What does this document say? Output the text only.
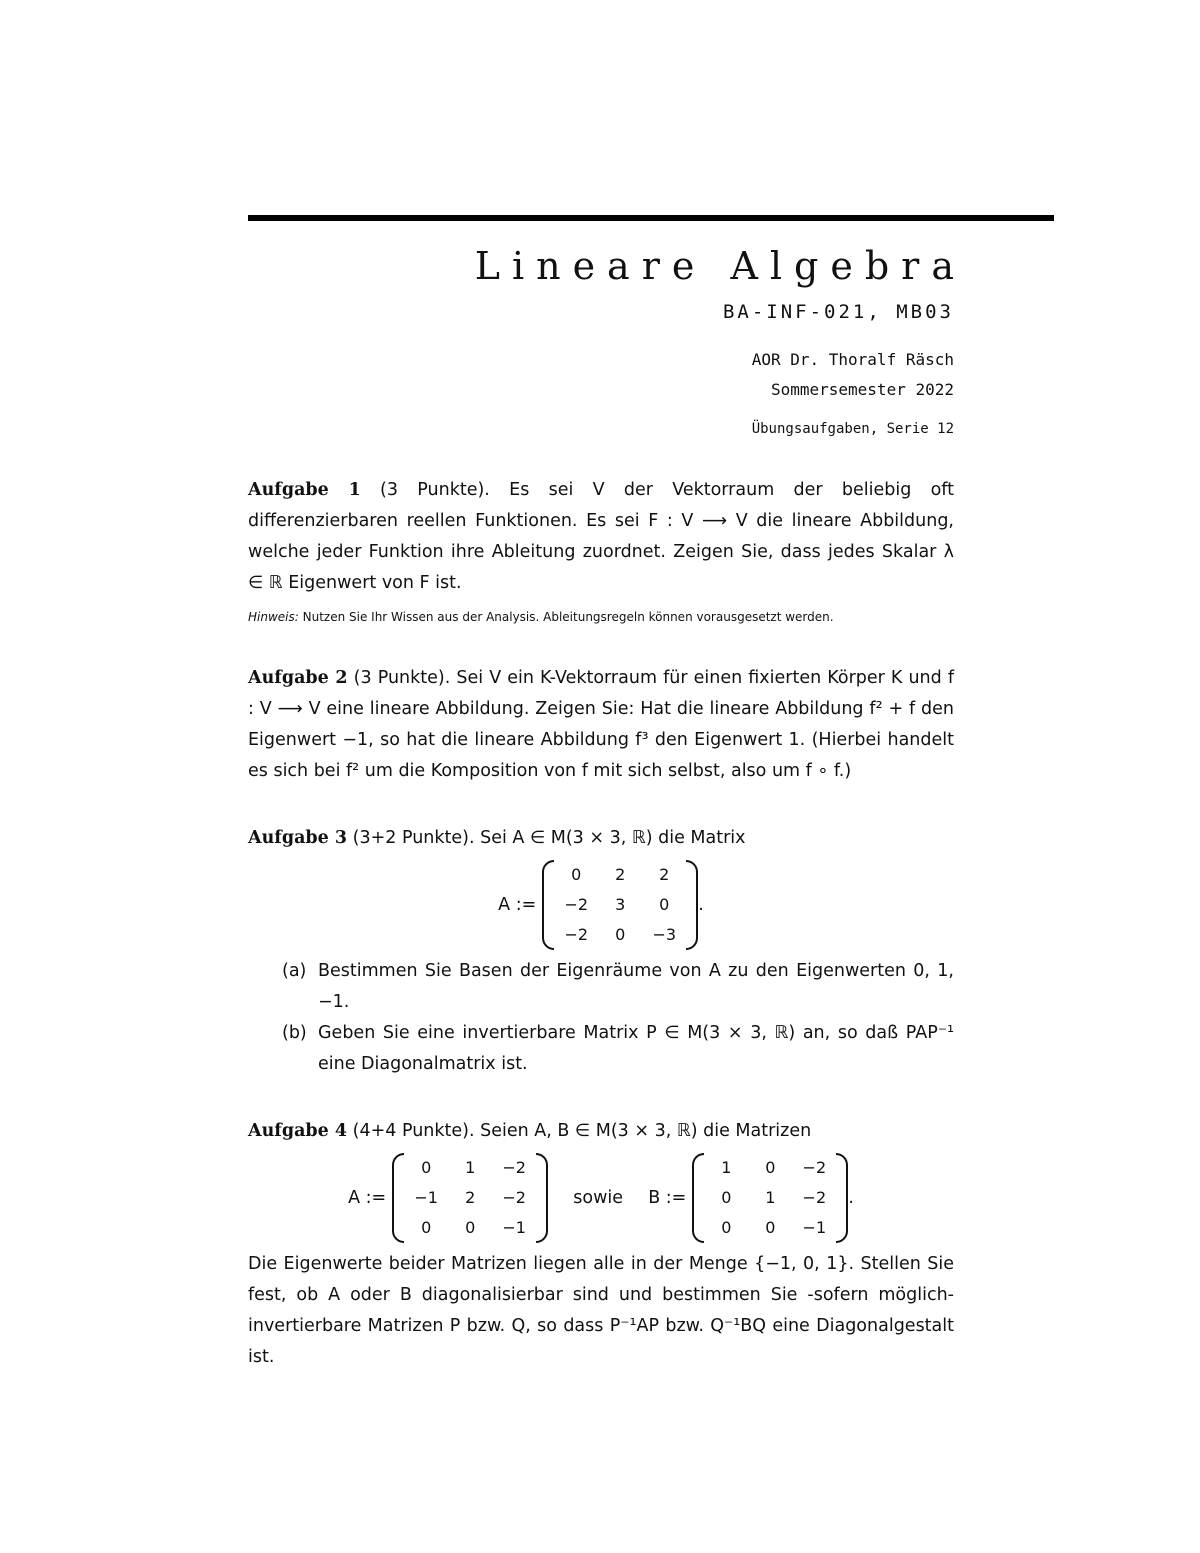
Lineare Algebra
BA-INF-021, MB03
AOR Dr. Thoralf Räsch
Sommersemester 2022
Übungsaufgaben, Serie 12
Aufgabe 1 (3 Punkte). Es sei V der Vektorraum der beliebig oft differenzierbaren reellen Funktionen. Es sei F : V ⟶ V die lineare Abbildung, welche jeder Funktion ihre Ableitung zuordnet. Zeigen Sie, dass jedes Skalar λ ∈ ℝ Eigenwert von F ist.
Hinweis: Nutzen Sie Ihr Wissen aus der Analysis. Ableitungsregeln können vorausgesetzt werden.
Aufgabe 2 (3 Punkte). Sei V ein K-Vektorraum für einen fixierten Körper K und f : V ⟶ V eine lineare Abbildung. Zeigen Sie: Hat die lineare Abbildung f² + f den Eigenwert −1, so hat die lineare Abbildung f³ den Eigenwert 1. (Hierbei handelt es sich bei f² um die Komposition von f mit sich selbst, also um f ∘ f.)
Aufgabe 3 (3+2 Punkte). Sei A ∈ M(3 × 3, ℝ) die Matrix
A :=
0	2	2
−2	3	0
−2	0	−3
.
(a) Bestimmen Sie Basen der Eigenräume von A zu den Eigenwerten 0, 1, −1.
(b) Geben Sie eine invertierbare Matrix P ∈ M(3 × 3, ℝ) an, so daß PAP⁻¹ eine Diagonalmatrix ist.
Aufgabe 4 (4+4 Punkte). Seien A, B ∈ M(3 × 3, ℝ) die Matrizen
A :=
0	1	−2
−1	2	−2
0	0	−1
sowie	B :=
1	0	−2
0	1	−2
0	0	−1
.
Die Eigenwerte beider Matrizen liegen alle in der Menge {−1, 0, 1}. Stellen Sie fest, ob A oder B diagonalisierbar sind und bestimmen Sie -sofern möglich- invertierbare Matrizen P bzw. Q, so dass P⁻¹AP bzw. Q⁻¹BQ eine Diagonalgestalt ist.
